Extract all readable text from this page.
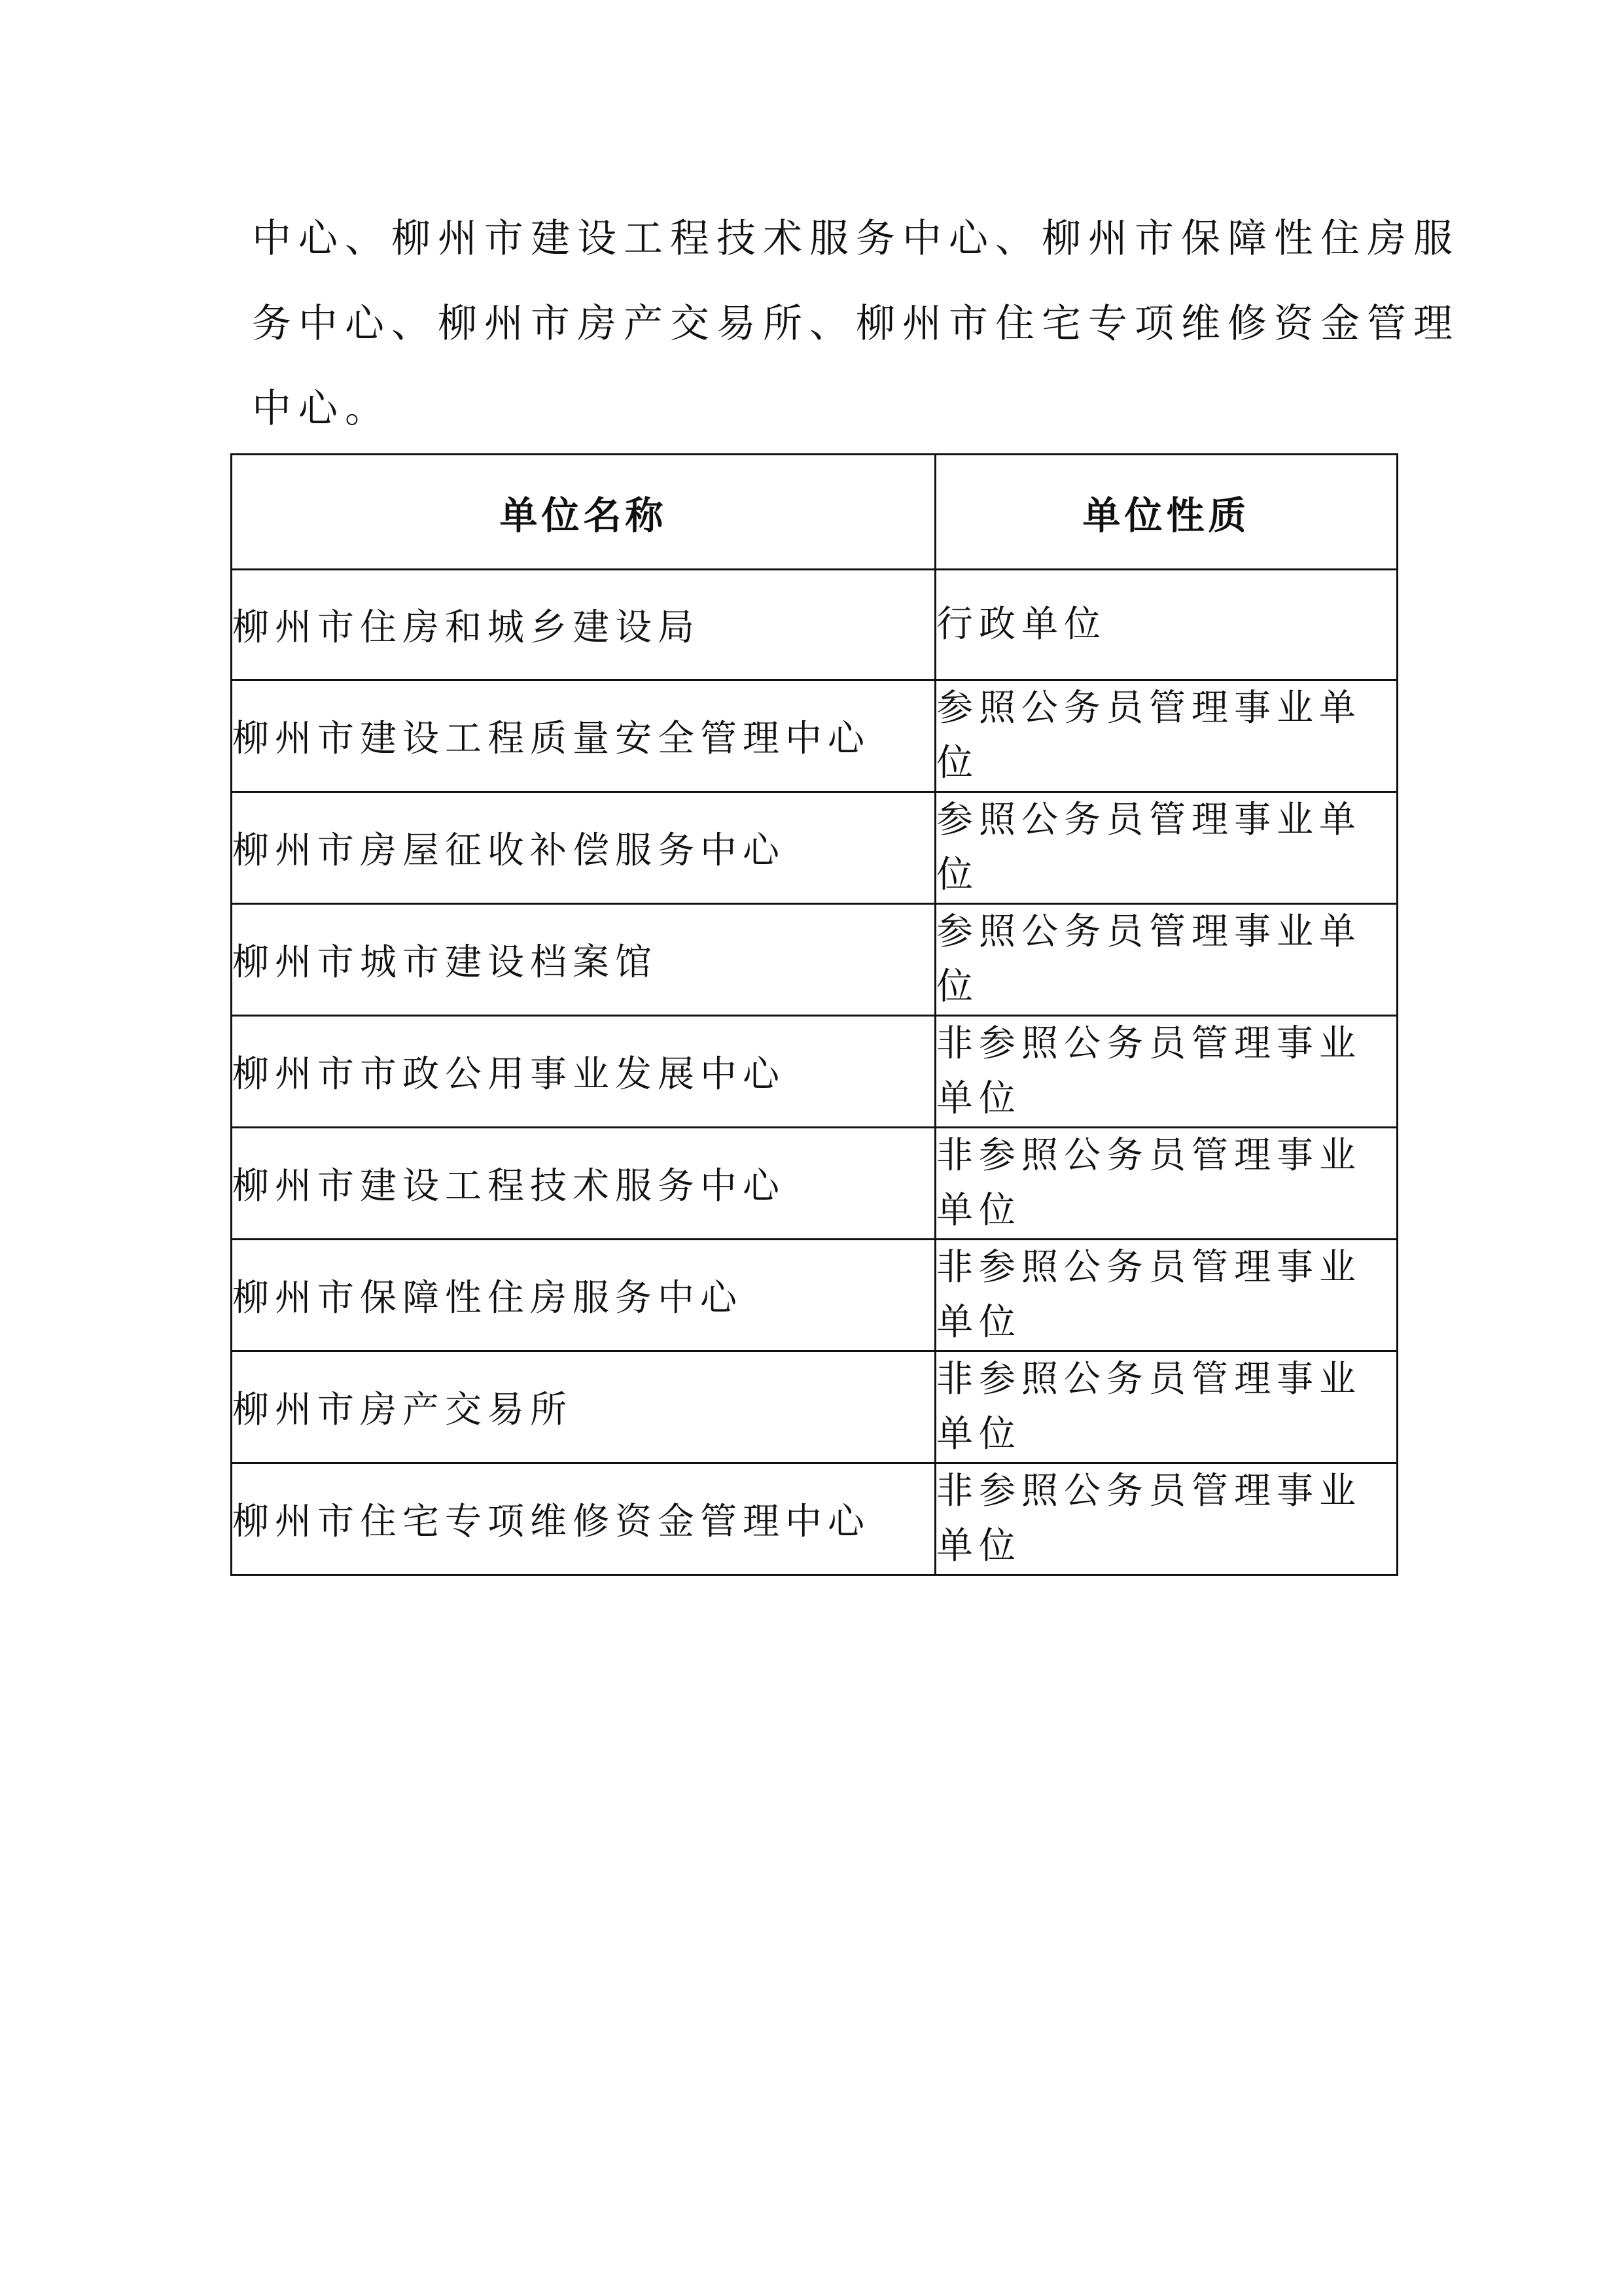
中心、柳州市建设工程技术服务中心、柳州市保障性住房服
务中心、柳州市房产交易所、柳州市住宅专项维修资金管理
中心。
单位名称	单位性质
柳州市住房和城乡建设局	行政单位
柳州市建设工程质量安全管理中心	参照公务员管理事业单位
柳州市房屋征收补偿服务中心	参照公务员管理事业单位
柳州市城市建设档案馆	参照公务员管理事业单位
柳州市市政公用事业发展中心	非参照公务员管理事业单位
柳州市建设工程技术服务中心	非参照公务员管理事业单位
柳州市保障性住房服务中心	非参照公务员管理事业单位
柳州市房产交易所	非参照公务员管理事业单位
柳州市住宅专项维修资金管理中心	非参照公务员管理事业单位
